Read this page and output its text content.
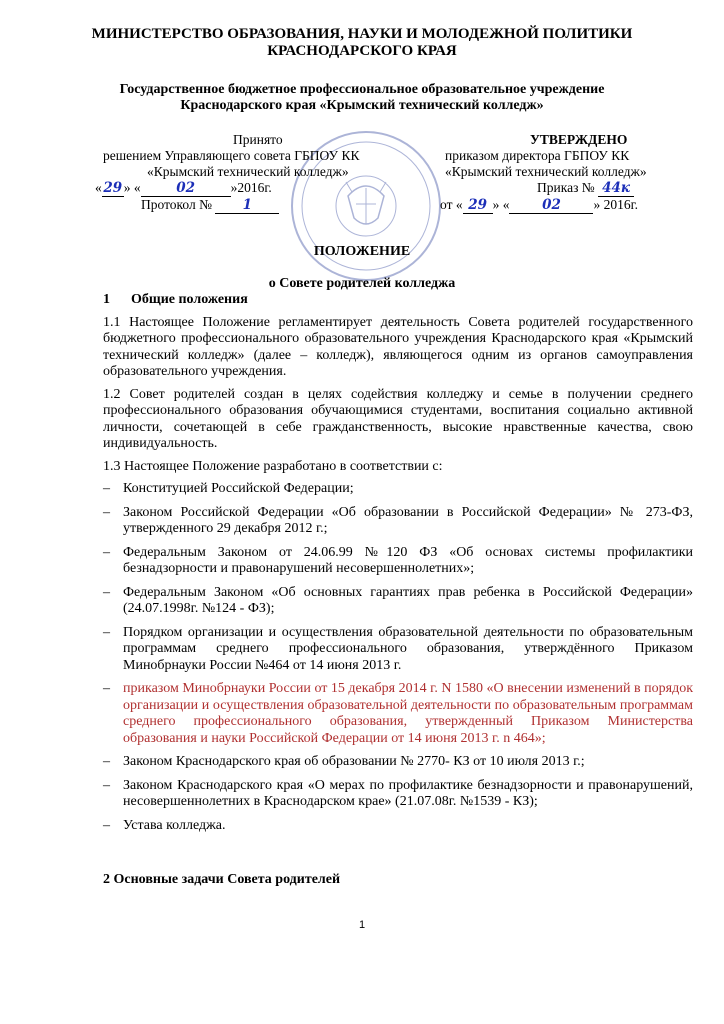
МИНИСТЕРСТВО ОБРАЗОВАНИЯ, НАУКИ И МОЛОДЕЖНОЙ ПОЛИТИКИ
КРАСНОДАРСКОГО КРАЯ
Государственное бюджетное профессиональное образовательное учреждение
Краснодарского края «Крымский технический колледж»
Принято
решением Управляющего совета ГБПОУ КК
«Крымский технический колледж»
« 29 » «	02	»2016г.
Протокол № 1
УТВЕРЖДЕНО
приказом директора ГБПОУ КК
«Крымский технический колледж»
Приказ № 44к
от « 29 » « 02 » 2016г.
ПОЛОЖЕНИЕ
о Совете родителей колледжа
1 Общие положения

1.1 Настоящее Положение регламентирует деятельность Совета родителей государственного бюджетного профессионального образовательного учреждения Краснодарского края «Крымский технический колледж» (далее – колледж), являющегося одним из органов самоуправления образовательного учреждения.

1.2 Совет родителей создан в целях содействия колледжу и семье в получении среднего профессионального образования обучающимися студентами, воспитания социально активной личности, сочетающей в себе гражданственность, высокие нравственные качества, свою индивидуальность.

1.3 Настоящее Положение разработано в соответствии с:

– Конституцией Российской Федерации;
– Законом Российской Федерации «Об образовании в Российской Федерации» № 273-ФЗ, утвержденного 29 декабря 2012 г.;
– Федеральным Законом от 24.06.99 №120 ФЗ «Об основах системы профилактики безнадзорности и правонарушений несовершеннолетних»;
– Федеральным Законом «Об основных гарантиях прав ребенка в Российской Федерации» (24.07.1998г. №124 - ФЗ);
– Порядком организации и осуществления образовательной деятельности по образовательным программам среднего профессионального образования, утверждённого Приказом Минобрнауки России №464 от 14 июня 2013 г.
– приказом Минобрнауки России от 15 декабря 2014 г. N 1580 «О внесении изменений в порядок организации и осуществления образовательной деятельности по образовательным программам среднего профессионального образования, утвержденный Приказом Министерства образования и науки Российской Федерации от 14 июня 2013 г. n 464»;
– Законом Краснодарского края об образовании № 2770- КЗ от 10 июля 2013 г.;
– Законом Краснодарского края «О мерах по профилактике безнадзорности и правонарушений, несовершеннолетних в Краснодарском крае» (21.07.08г. №1539 - КЗ);
– Устава колледжа.
2 Основные задачи Совета родителей
1
